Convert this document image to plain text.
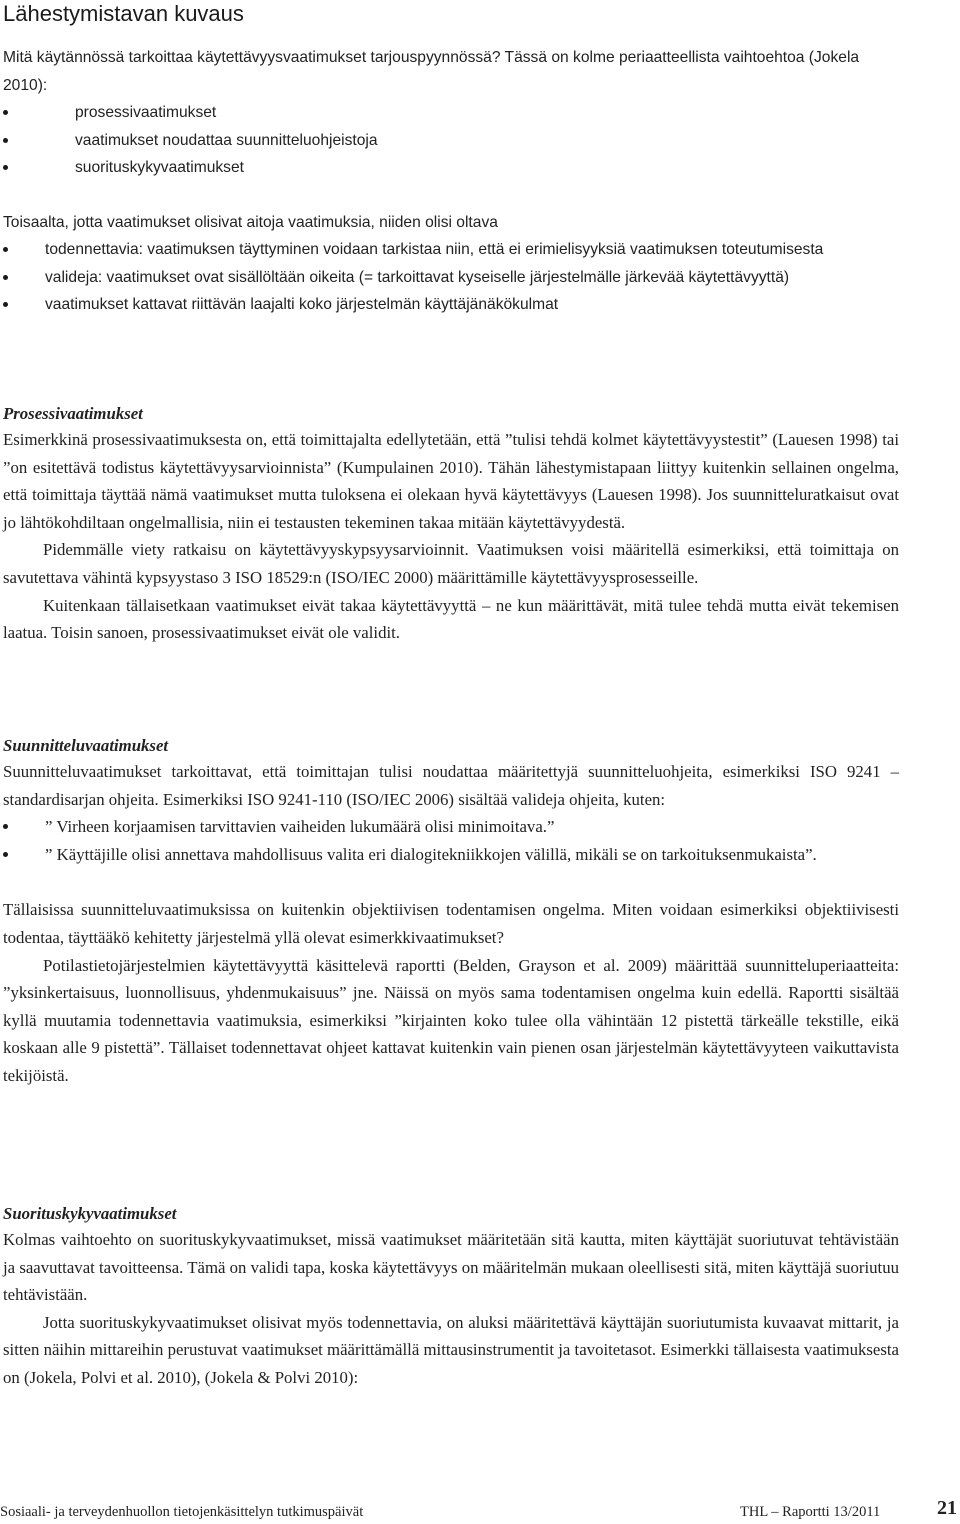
Lähestymistavan kuvaus

Mitä käytännössä tarkoittaa käytettävyysvaatimukset tarjouspyynnössä? Tässä on kolme periaatteellista vaihtoehtoa (Jokela 2010):

prosessivaatimukset
vaatimukset noudattaa suunnitteluohjeistoja
suorituskykyvaatimukset

Toisaalta, jotta vaatimukset olisivat aitoja vaatimuksia, niiden olisi oltava

todennettavia: vaatimuksen täyttyminen voidaan tarkistaa niin, että ei erimielisyyksiä vaatimuksen toteutumisesta
valideja: vaatimukset ovat sisällöltään oikeita (= tarkoittavat kyseiselle järjestelmälle järkevää käytettävyyttä)
vaatimukset kattavat riittävän laajalti koko järjestelmän käyttäjänäkökulmat
Prosessivaatimukset

Esimerkkinä prosessivaatimuksesta on, että toimittajalta edellytetään, että ”tulisi tehdä kolmet käytettävyystestit” (Lauesen 1998) tai ”on esitettävä todistus käytettävyysarvioinnista” (Kumpulainen 2010). Tähän lähestymistapaan liittyy kuitenkin sellainen ongelma, että toimittaja täyttää nämä vaatimukset mutta tuloksena ei olekaan hyvä käytettävyys (Lauesen 1998). Jos suunnitteluratkaisut ovat jo lähtökohdiltaan ongelmallisia, niin ei testausten tekeminen takaa mitään käytettävyydestä.

Pidemmälle viety ratkaisu on käytettävyyskypsyysarvioinnit. Vaatimuksen voisi määritellä esimerkiksi, että toimittaja on savutettava vähintä kypsyystaso 3 ISO 18529:n (ISO/IEC 2000) määrittämille käytettävyysprosesseille.

Kuitenkaan tällaisetkaan vaatimukset eivät takaa käytettävyyttä – ne kun määrittävät, mitä tulee tehdä mutta eivät tekemisen laatua. Toisin sanoen, prosessivaatimukset eivät ole validit.

Suunnitteluvaatimukset

Suunnitteluvaatimukset tarkoittavat, että toimittajan tulisi noudattaa määritettyjä suunnitteluohjeita, esimerkiksi ISO 9241 –standardisarjan ohjeita. Esimerkiksi ISO 9241-110 (ISO/IEC 2006) sisältää valideja ohjeita, kuten:

” Virheen korjaamisen tarvittavien vaiheiden lukumäärä olisi minimoitava.”
” Käyttäjille olisi annettava mahdollisuus valita eri dialogitekniikkojen välillä, mikäli se on tarkoituksenmukaista”.

Tällaisissa suunnitteluvaatimuksissa on kuitenkin objektiivisen todentamisen ongelma. Miten voidaan esimerkiksi objektiivisesti todentaa, täyttääkö kehitetty järjestelmä yllä olevat esimerkkivaatimukset?

Potilastietojärjestelmien käytettävyyttä käsittelevä raportti (Belden, Grayson et al. 2009) määrittää suunnitteluperiaatteita: ”yksinkertaisuus, luonnollisuus, yhdenmukaisuus” jne. Näissä on myös sama todentamisen ongelma kuin edellä. Raportti sisältää kyllä muutamia todennettavia vaatimuksia, esimerkiksi ”kirjainten koko tulee olla vähintään 12 pistettä tärkeälle tekstille, eikä koskaan alle 9 pistettä”. Tällaiset todennettavat ohjeet kattavat kuitenkin vain pienen osan järjestelmän käytettävyyteen vaikuttavista tekijöistä.

Suorituskykyvaatimukset

Kolmas vaihtoehto on suorituskykyvaatimukset, missä vaatimukset määritetään sitä kautta, miten käyttäjät suoriutuvat tehtävistään ja saavuttavat tavoitteensa. Tämä on validi tapa, koska käytettävyys on määritelmän mukaan oleellisesti sitä, miten käyttäjä suoriutuu tehtävistään.

Jotta suorituskykyvaatimukset olisivat myös todennettavia, on aluksi määritettävä käyttäjän suoriutumista kuvaavat mittarit, ja sitten näihin mittareihin perustuvat vaatimukset määrittämällä mittausinstrumentit ja tavoitetasot. Esimerkki tällaisesta vaatimuksesta on (Jokela, Polvi et al. 2010), (Jokela & Polvi 2010):

Sosiaali- ja terveydenhuollon tietojenkäsittelyn tutkimuspäivät	THL – Raportti 13/2011	21
